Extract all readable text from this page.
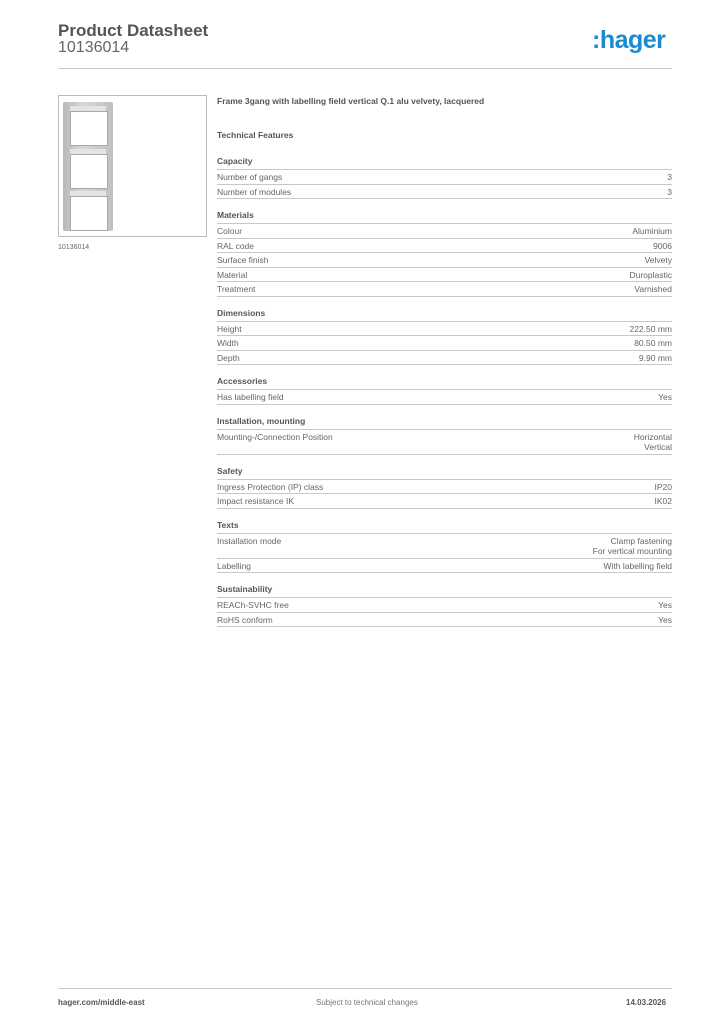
Product Datasheet
10136014	:hager
10136014
Frame 3gang with labelling field vertical Q.1 alu velvety, lacquered
Technical Features
Capacity
Number of gangs	3
Number of modules	3
Materials
Colour	Aluminium
RAL code	9006
Surface finish	Velvety
Material	Duroplastic
Treatment	Varnished
Dimensions
Height	222.50 mm
Width	80.50 mm
Depth	9.90 mm
Accessories
Has labelling field	Yes
Installation, mounting
Mounting-/Connection Position	Horizontal
Vertical
Safety
Ingress Protection (IP) class	IP20
Impact resistance IK	IK02
Texts
Installation mode	Clamp fastening
For vertical mounting
Labelling	With labelling field
Sustainability
REACh-SVHC free	Yes
RoHS conform	Yes
hager.com/middle-east	Subject to technical changes	14.03.2026
